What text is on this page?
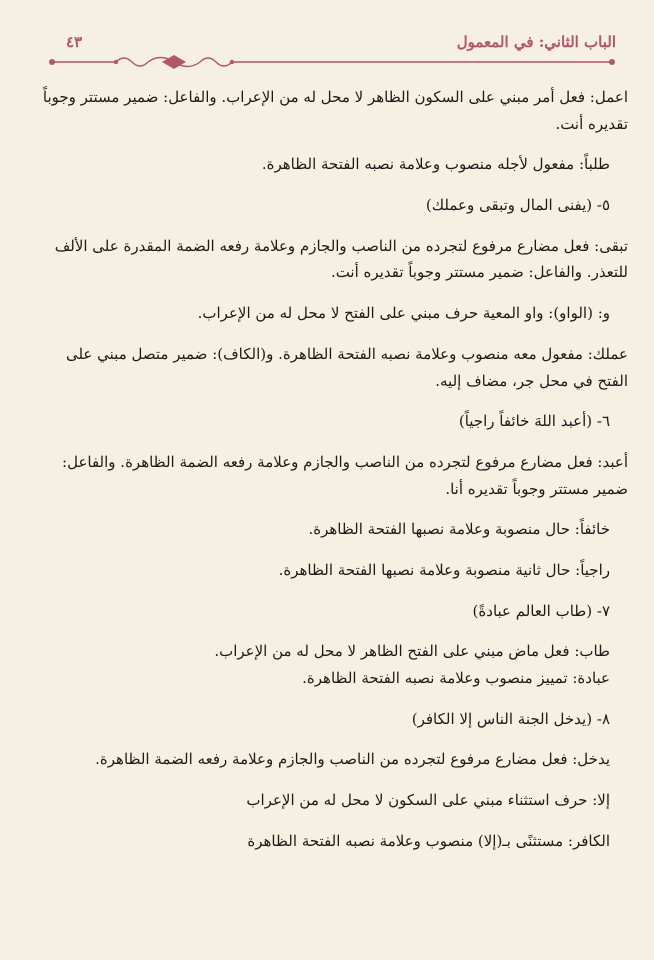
الباب الثاني: في المعمول
٤٣

اعمل: فعل أمر مبني على السكون الظاهر لا محل له من الإعراب. والفاعل: ضمير مستتر وجوباً تقديره أنت.

طلباً: مفعول لأجله منصوب وعلامة نصبه الفتحة الظاهرة.

٥- (يفنى المال وتبقى وعملك)

تبقى: فعل مضارع مرفوع لتجرده من الناصب والجازم وعلامة رفعه الضمة المقدرة على الألف للتعذر. والفاعل: ضمير مستتر وجوباً تقديره أنت.

و: (الواو): واو المعية حرف مبني على الفتح لا محل له من الإعراب.

عملك: مفعول معه منصوب وعلامة نصبه الفتحة الظاهرة. و(الكاف): ضمير متصل مبني على الفتح في محل جر، مضاف إليه.

٦- (أعبد اللهَ خائفاً راجياً)

أعبد: فعل مضارع مرفوع لتجرده من الناصب والجازم وعلامة رفعه الضمة الظاهرة. والفاعل: ضمير مستتر وجوباً تقديره أنا.

خائفاً: حال منصوبة وعلامة نصبها الفتحة الظاهرة.

راجياً: حال ثانية منصوبة وعلامة نصبها الفتحة الظاهرة.

٧- (طاب العالم عبادةً)

طاب: فعل ماض مبني على الفتح الظاهر لا محل له من الإعراب.

عبادة: تمييز منصوب وعلامة نصبه الفتحة الظاهرة.

٨- (يدخل الجنة الناس إلا الكافر)

يدخل: فعل مضارع مرفوع لتجرده من الناصب والجازم وعلامة رفعه الضمة الظاهرة.

إلا: حرف استثناء مبني على السكون لا محل له من الإعراب

الكافر: مستثنًى بـ(إلا) منصوب وعلامة نصبه الفتحة الظاهرة
